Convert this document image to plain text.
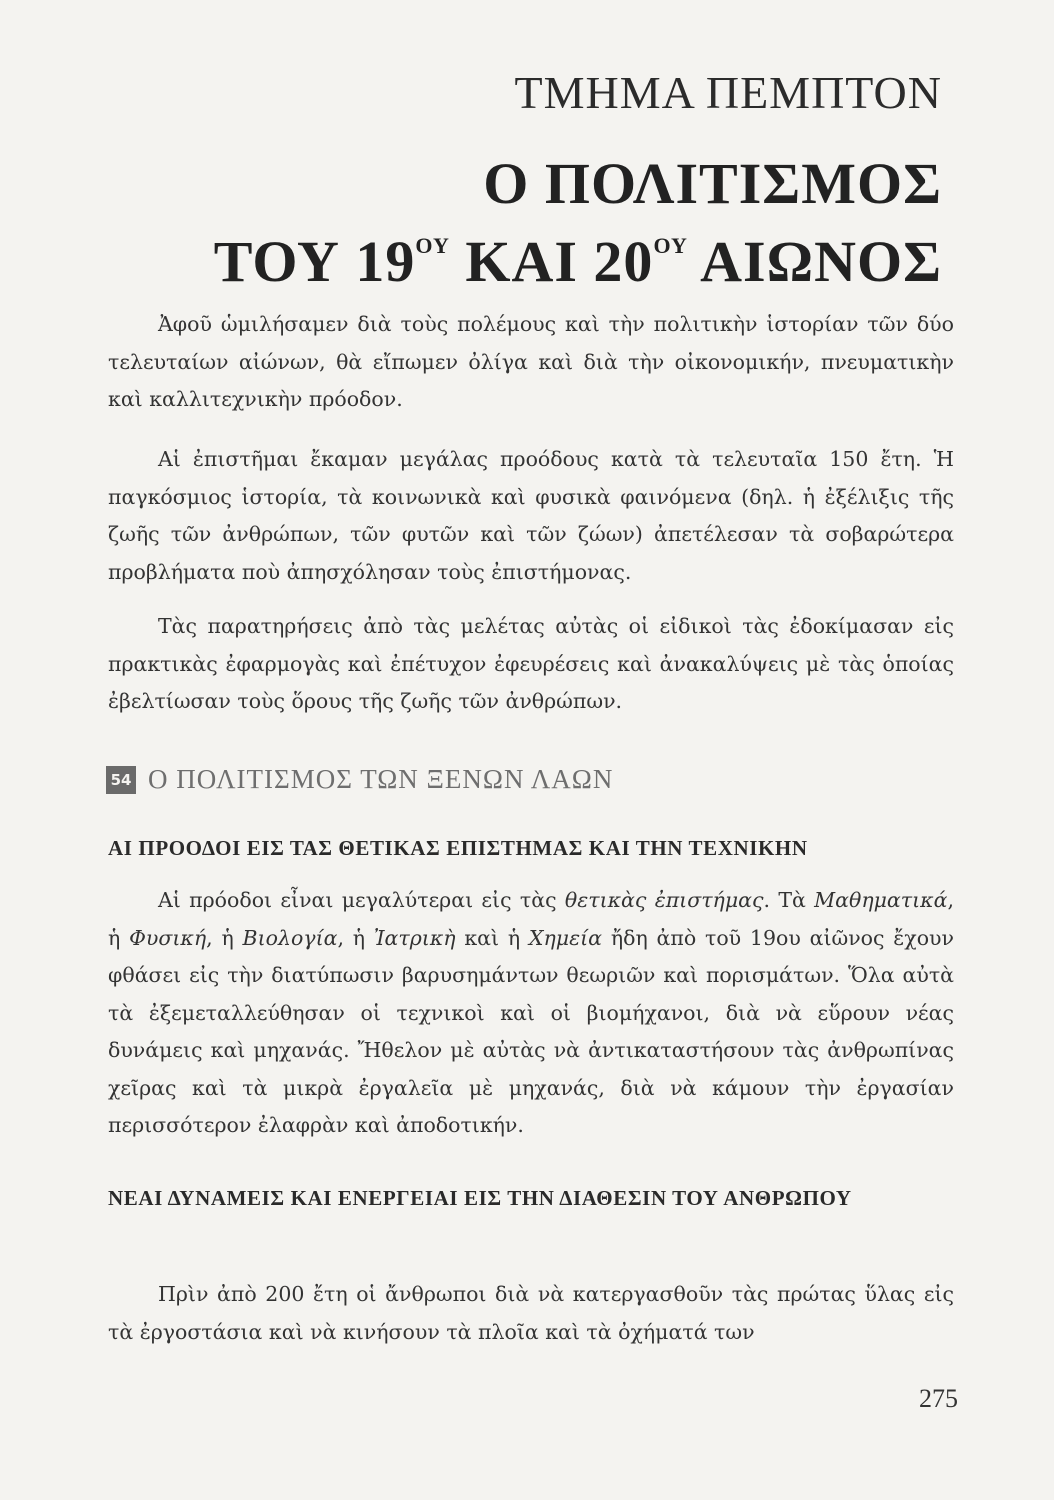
ΤΜΗΜΑ ΠΕΜΠΤΟΝ
Ο ΠΟΛΙΤΙΣΜΟΣ
ΤΟΥ $19^{O\Upsilon}$ ΚΑΙ $20^{O\Upsilon}$ ΑΙΩΝΟΣ

Ἀφοῦ ὡμιλήσαμεν διὰ τοὺς πολέμους καὶ τὴν πολιτικὴν ἱστορίαν τῶν δύο τελευταίων αἰώνων, θὰ εἴπωμεν ὀλίγα καὶ διὰ τὴν οἰκονομικήν, πνευματικὴν καὶ καλλιτεχνικὴν πρόοδον.

Αἱ ἐπιστῆμαι ἔκαμαν μεγάλας προόδους κατὰ τὰ τελευταῖα 150 ἔτη. Ἡ παγκόσμιος ἱστορία, τὰ κοινωνικὰ καὶ φυσικὰ φαινόμενα (δηλ. ἡ ἐξέλιξις τῆς ζωῆς τῶν ἀνθρώπων, τῶν φυτῶν καὶ τῶν ζώων) ἀπετέλεσαν τὰ σοβαρώτερα προβλήματα ποὺ ἀπησχόλησαν τοὺς ἐπιστήμονας.

Τὰς παρατηρήσεις ἀπὸ τὰς μελέτας αὐτὰς οἱ εἰδικοὶ τὰς ἐδοκίμασαν εἰς πρακτικὰς ἐφαρμογὰς καὶ ἐπέτυχον ἐφευρέσεις καὶ ἀνακαλύψεις μὲ τὰς ὁποίας ἐβελτίωσαν τοὺς ὅρους τῆς ζωῆς τῶν ἀνθρώπων.

54 Ο ΠΟΛΙΤΙΣΜΟΣ ΤΩΝ ΞΕΝΩΝ ΛΑΩΝ
ΑΙ ΠΡΟΟΔΟΙ ΕΙΣ ΤΑΣ ΘΕΤΙΚΑΣ ΕΠΙΣΤΗΜΑΣ ΚΑΙ ΤΗΝ ΤΕΧΝΙΚΗΝ

Αἱ πρόοδοι εἶναι μεγαλύτεραι εἰς τὰς θετικὰς ἐπιστήμας. Τὰ Μαθηματικά, ἡ Φυσική, ἡ Βιολογία, ἡ Ἰατρικὴ καὶ ἡ Χημεία ἤδη ἀπὸ τοῦ 19ου αἰῶνος ἔχουν φθάσει εἰς τὴν διατύπωσιν βαρυσημάντων θεωριῶν καὶ πορισμάτων. Ὅλα αὐτὰ τὰ ἐξεμεταλλεύθησαν οἱ τεχνικοὶ καὶ οἱ βιομήχανοι, διὰ νὰ εὕρουν νέας δυνάμεις καὶ μηχανάς. Ἤθελον μὲ αὐτὰς νὰ ἀντικαταστήσουν τὰς ἀνθρωπίνας χεῖρας καὶ τὰ μικρὰ ἐργαλεῖα μὲ μηχανάς, διὰ νὰ κάμουν τὴν ἐργασίαν περισσότερον ἐλαφρὰν καὶ ἀποδοτικήν.

ΝΕΑΙ ΔΥΝΑΜΕΙΣ ΚΑΙ ΕΝΕΡΓΕΙΑΙ ΕΙΣ ΤΗΝ ΔΙΑΘΕΣΙΝ ΤΟΥ ΑΝΘΡΩΠΟΥ

Πρὶν ἀπὸ 200 ἔτη οἱ ἄνθρωποι διὰ νὰ κατεργασθοῦν τὰς πρώτας ὕλας εἰς τὰ ἐργοστάσια καὶ νὰ κινήσουν τὰ πλοῖα καὶ τὰ ὀχήματά των

275
